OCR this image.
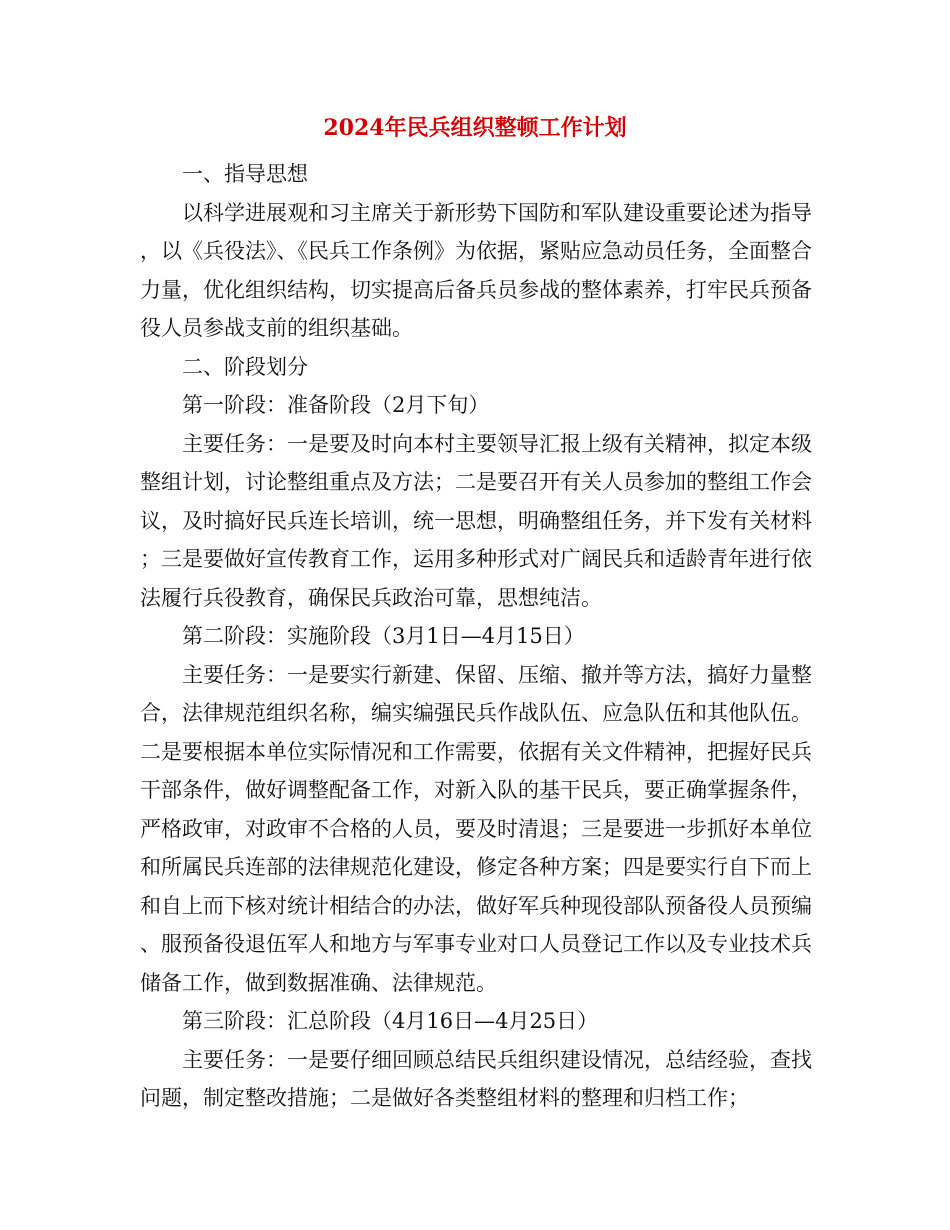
2024年民兵组织整顿工作计划

一、指导思想

以科学进展观和习主席关于新形势下国防和军队建设重要论述为指导，以《兵役法》、《民兵工作条例》为依据，紧贴应急动员任务，全面整合力量，优化组织结构，切实提高后备兵员参战的整体素养，打牢民兵预备役人员参战支前的组织基础。

二、阶段划分

第一阶段：准备阶段（2月下旬）

主要任务：一是要及时向本村主要领导汇报上级有关精神，拟定本级整组计划，讨论整组重点及方法；二是要召开有关人员参加的整组工作会议，及时搞好民兵连长培训，统一思想，明确整组任务，并下发有关材料；三是要做好宣传教育工作，运用多种形式对广阔民兵和适龄青年进行依法履行兵役教育，确保民兵政治可靠，思想纯洁。

第二阶段：实施阶段（3月1日—4月15日）

主要任务：一是要实行新建、保留、压缩、撤并等方法，搞好力量整合，法律规范组织名称，编实编强民兵作战队伍、应急队伍和其他队伍。二是要根据本单位实际情况和工作需要，依据有关文件精神，把握好民兵干部条件，做好调整配备工作，对新入队的基干民兵，要正确掌握条件，严格政审，对政审不合格的人员，要及时清退；三是要进一步抓好本单位和所属民兵连部的法律规范化建设，修定各种方案；四是要实行自下而上和自上而下核对统计相结合的办法，做好军兵种现役部队预备役人员预编、服预备役退伍军人和地方与军事专业对口人员登记工作以及专业技术兵储备工作，做到数据准确、法律规范。

第三阶段：汇总阶段（4月16日—4月25日）

主要任务：一是要仔细回顾总结民兵组织建设情况，总结经验，查找问题，制定整改措施；二是做好各类整组材料的整理和归档工作；
